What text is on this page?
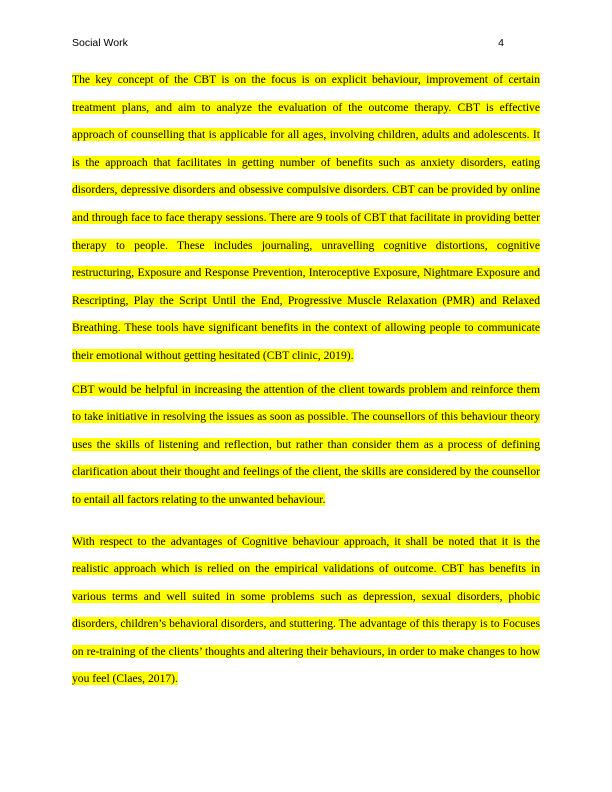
Social Work	4

The key concept of the CBT is on the focus is on explicit behaviour, improvement of certain treatment plans, and aim to analyze the evaluation of the outcome therapy. CBT is effective approach of counselling that is applicable for all ages, involving children, adults and adolescents. It is the approach that facilitates in getting number of benefits such as anxiety disorders, eating disorders, depressive disorders and obsessive compulsive disorders. CBT can be provided by online and through face to face therapy sessions. There are 9 tools of CBT that facilitate in providing better therapy to people. These includes journaling, unravelling cognitive distortions, cognitive restructuring, Exposure and Response Prevention, Interoceptive Exposure, Nightmare Exposure and Rescripting, Play the Script Until the End, Progressive Muscle Relaxation (PMR) and Relaxed Breathing. These tools have significant benefits in the context of allowing people to communicate their emotional without getting hesitated (CBT clinic, 2019).

CBT would be helpful in increasing the attention of the client towards problem and reinforce them to take initiative in resolving the issues as soon as possible. The counsellors of this behaviour theory uses the skills of listening and reflection, but rather than consider them as a process of defining clarification about their thought and feelings of the client, the skills are considered by the counsellor to entail all factors relating to the unwanted behaviour.

With respect to the advantages of Cognitive behaviour approach, it shall be noted that it is the realistic approach which is relied on the empirical validations of outcome. CBT has benefits in various terms and well suited in some problems such as depression, sexual disorders, phobic disorders, children’s behavioral disorders, and stuttering. The advantage of this therapy is to Focuses on re-training of the clients’ thoughts and altering their behaviours, in order to make changes to how you feel (Claes, 2017).
